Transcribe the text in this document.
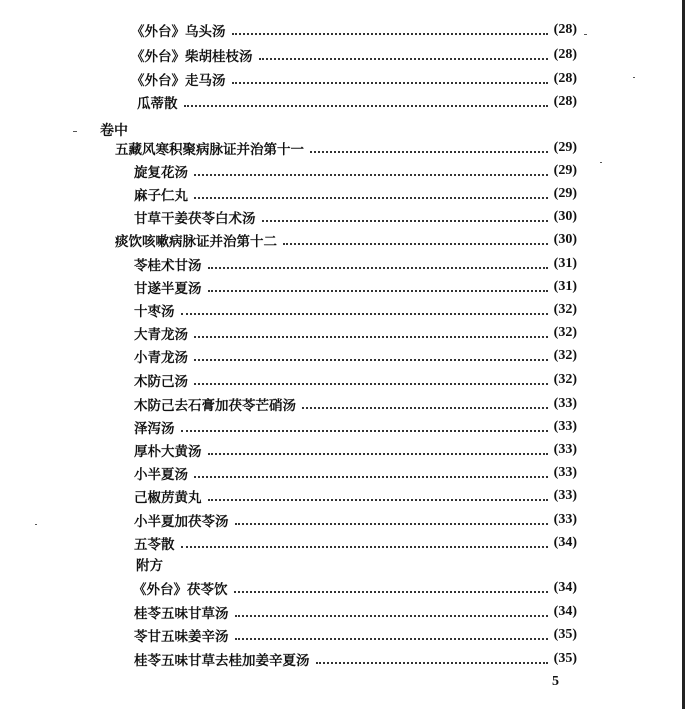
《外台》乌头汤	(28)
《外台》柴胡桂枝汤	(28)
《外台》走马汤	(28)
瓜蒂散	(28)
卷中
五藏风寒积聚病脉证并治第十一	(29)
旋复花汤	(29)
麻子仁丸	(29)
甘草干姜茯苓白术汤	(30)
痰饮咳嗽病脉证并治第十二	(30)
苓桂术甘汤	(31)
甘遂半夏汤	(31)
十枣汤	(32)
大青龙汤	(32)
小青龙汤	(32)
木防己汤	(32)
木防己去石膏加茯苓芒硝汤	(33)
泽泻汤	(33)
厚朴大黄汤	(33)
小半夏汤	(33)
己椒苈黄丸	(33)
小半夏加茯苓汤	(33)
五苓散	(34)
附方
《外台》茯苓饮	(34)
桂苓五味甘草汤	(34)
苓甘五味姜辛汤	(35)
桂苓五味甘草去桂加姜辛夏汤	(35)
5
